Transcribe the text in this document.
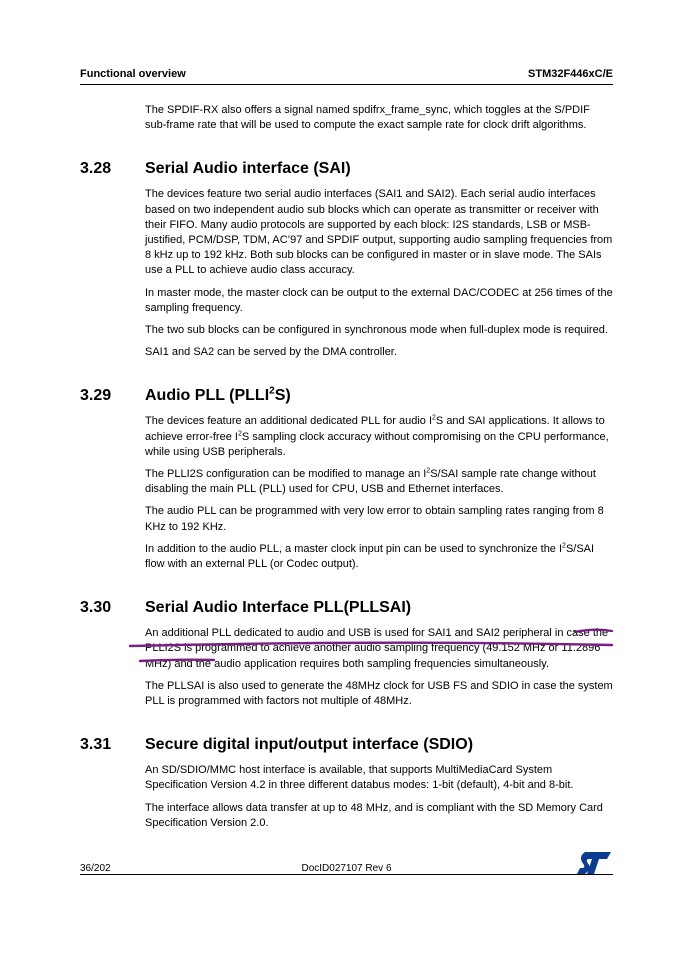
Functional overview	STM32F446xC/E

The SPDIF-RX also offers a signal named spdifrx_frame_sync, which toggles at the S/PDIF sub-frame rate that will be used to compute the exact sample rate for clock drift algorithms.

3.28	Serial Audio interface (SAI)

The devices feature two serial audio interfaces (SAI1 and SAI2). Each serial audio interfaces based on two independent audio sub blocks which can operate as transmitter or receiver with their FIFO. Many audio protocols are supported by each block: I2S standards, LSB or MSB-justified, PCM/DSP, TDM, AC’97 and SPDIF output, supporting audio sampling frequencies from 8 kHz up to 192 kHz. Both sub blocks can be configured in master or in slave mode. The SAIs use a PLL to achieve audio class accuracy.

In master mode, the master clock can be output to the external DAC/CODEC at 256 times of the sampling frequency.

The two sub blocks can be configured in synchronous mode when full-duplex mode is required.

SAI1 and SA2 can be served by the DMA controller.

3.29	Audio PLL (PLLI$^2$S)

The devices feature an additional dedicated PLL for audio $I^2S$ and SAI applications. It allows to achieve error-free $I^2S$ sampling clock accuracy without compromising on the CPU performance, while using USB peripherals.

The PLLI2S configuration can be modified to manage an $I^2S$/SAI sample rate change without disabling the main PLL (PLL) used for CPU, USB and Ethernet interfaces.

The audio PLL can be programmed with very low error to obtain sampling rates ranging from 8 KHz to 192 KHz.

In addition to the audio PLL, a master clock input pin can be used to synchronize the $I^2S$/SAI flow with an external PLL (or Codec output).

3.30	Serial Audio Interface PLL(PLLSAI)

An additional PLL dedicated to audio and USB is used for SAI1 and SAI2 peripheral in case the PLLI2S is programmed to achieve another audio sampling frequency (49.152 MHz or 11.2896 MHz) and the audio application requires both sampling frequencies simultaneously.

The PLLSAI is also used to generate the 48MHz clock for USB FS and SDIO in case the system PLL is programmed with factors not multiple of 48MHz.

3.31	Secure digital input/output interface (SDIO)

An SD/SDIO/MMC host interface is available, that supports MultiMediaCard System Specification Version 4.2 in three different databus modes: 1-bit (default), 4-bit and 8-bit.

The interface allows data transfer at up to 48 MHz, and is compliant with the SD Memory Card Specification Version 2.0.

36/202	DocID027107 Rev 6
